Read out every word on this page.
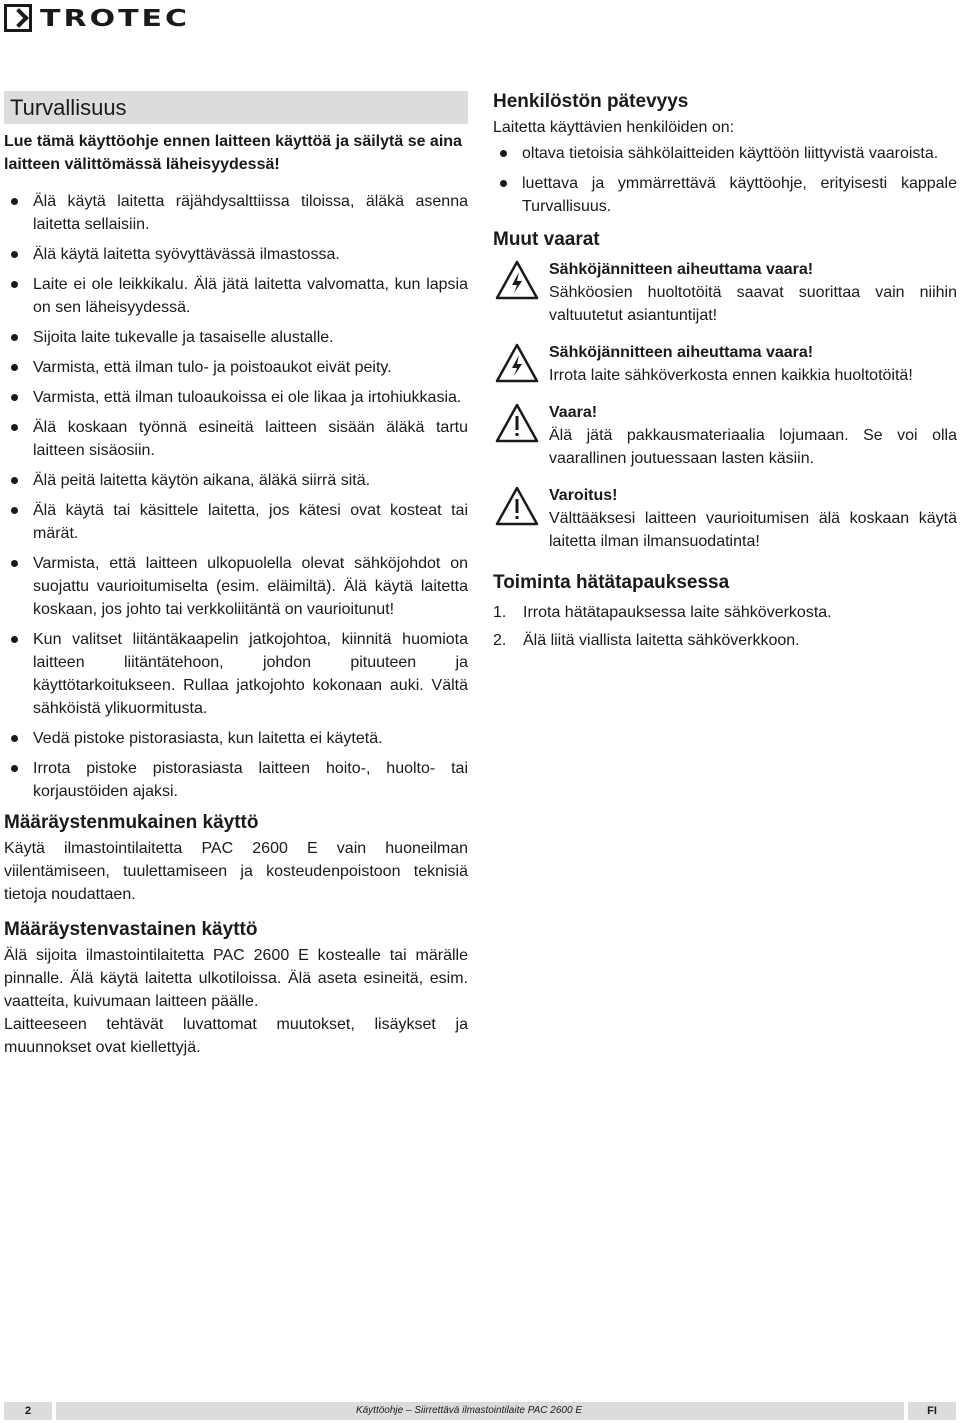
TROTEC
Turvallisuus

Lue tämä käyttöohje ennen laitteen käyttöä ja säilytä se aina laitteen välittömässä läheisyydessä!

Älä käytä laitetta räjähdysalttiissa tiloissa, äläkä asenna laitetta sellaisiin.
Älä käytä laitetta syövyttävässä ilmastossa.
Laite ei ole leikkikalu. Älä jätä laitetta valvomatta, kun lapsia on sen läheisyydessä.
Sijoita laite tukevalle ja tasaiselle alustalle.
Varmista, että ilman tulo- ja poistoaukot eivät peity.
Varmista, että ilman tuloaukoissa ei ole likaa ja irtohiukkasia.
Älä koskaan työnnä esineitä laitteen sisään äläkä tartu laitteen sisäosiin.
Älä peitä laitetta käytön aikana, äläkä siirrä sitä.
Älä käytä tai käsittele laitetta, jos kätesi ovat kosteat tai märät.
Varmista, että laitteen ulkopuolella olevat sähköjohdot on suojattu vaurioitumiselta (esim. eläimiltä). Älä käytä laitetta koskaan, jos johto tai verkkoliitäntä on vaurioitunut!
Kun valitset liitäntäkaapelin jatkojohtoa, kiinnitä huomiota laitteen liitäntätehoon, johdon pituuteen ja käyttötarkoitukseen. Rullaa jatkojohto kokonaan auki. Vältä sähköistä ylikuormitusta.
Vedä pistoke pistorasiasta, kun laitetta ei käytetä.
Irrota pistoke pistorasiasta laitteen hoito-, huolto- tai korjaustöiden ajaksi.
Määräystenmukainen käyttö

Käytä ilmastointilaitetta PAC 2600 E vain huoneilman viilentämiseen, tuulettamiseen ja kosteudenpoistoon teknisiä tietoja noudattaen.

Määräystenvastainen käyttö

Älä sijoita ilmastointilaitetta PAC 2600 E kostealle tai märälle pinnalle. Älä käytä laitetta ulkotiloissa. Älä aseta esineitä, esim. vaatteita, kuivumaan laitteen päälle.

Laitteeseen tehtävät luvattomat muutokset, lisäykset ja muunnokset ovat kiellettyjä.

Henkilöstön pätevyys

Laitetta käyttävien henkilöiden on:

oltava tietoisia sähkölaitteiden käyttöön liittyvistä vaaroista.
luettava ja ymmärrettävä käyttöohje, erityisesti kappale Turvallisuus.
Muut vaarat
Sähköjännitteen aiheuttama vaara!
Sähköosien huoltotöitä saavat suorittaa vain niihin valtuutetut asiantuntijat!
Sähköjännitteen aiheuttama vaara!
Irrota laite sähköverkosta ennen kaikkia huoltotöitä!
Vaara!
Älä jätä pakkausmateriaalia lojumaan. Se voi olla vaarallinen joutuessaan lasten käsiin.
Varoitus!
Välttääksesi laitteen vaurioitumisen älä koskaan käytä laitetta ilman ilmansuodatinta!
Toiminta hätätapauksessa
1. Irrota hätätapauksessa laite sähköverkosta.
2. Älä liitä viallista laitetta sähköverkkoon.
2	Käyttöohje – Siirrettävä ilmastointilaite PAC 2600 E	FI
